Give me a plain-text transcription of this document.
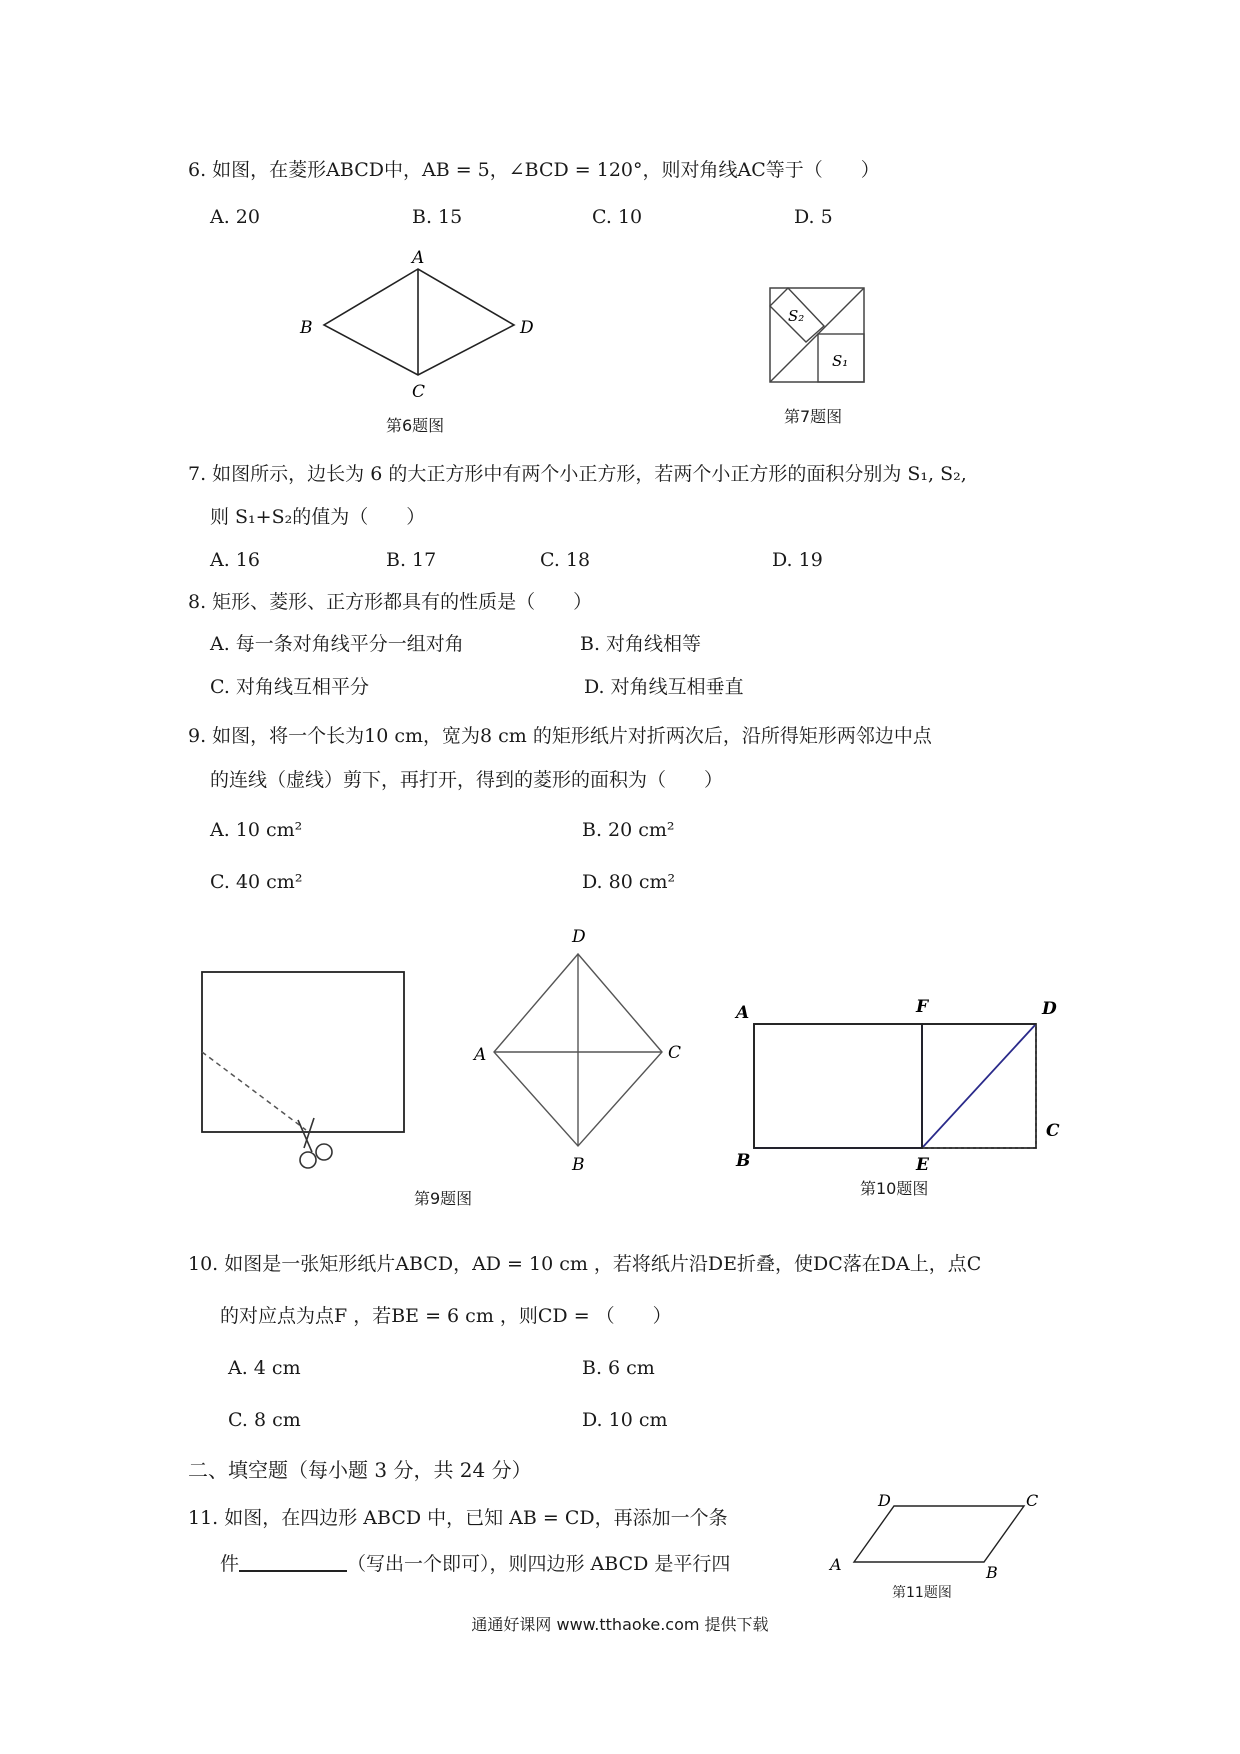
6. 如图，在菱形ABCD中，AB = 5，∠BCD = 120°，则对角线AC等于（　　）
A. 20	B. 15	C. 10	D. 5
A
B
C
D
第6题图
S₂
S₁
第7题图
7. 如图所示，边长为 6 的大正方形中有两个小正方形，若两个小正方形的面积分别为 S₁, S₂,
则 S₁+S₂的值为（　　）
A. 16	B. 17	C. 18	D. 19
8. 矩形、菱形、正方形都具有的性质是（　　）
A. 每一条对角线平分一组对角	B. 对角线相等
C. 对角线互相平分	D. 对角线互相垂直
9. 如图，将一个长为10 cm，宽为8 cm 的矩形纸片对折两次后，沿所得矩形两邻边中点
的连线（虚线）剪下，再打开，得到的菱形的面积为（　　）
A. 10 cm²	B. 20 cm²
C. 40 cm²	D. 80 cm²
D
A	C
B
第9题图
A	F	D
B	E
C
第10题图
10. 如图是一张矩形纸片ABCD，AD = 10 cm ，若将纸片沿DE折叠，使DC落在DA上，点C
的对应点为点F ，若BE = 6 cm ，则CD = （　　）
A. 4 cm	B. 6 cm
C. 8 cm	D. 10 cm
二、填空题（每小题 3 分，共 24 分）
11. 如图，在四边形 ABCD 中，已知 AB = CD，再添加一个条
件	（写出一个即可），则四边形 ABCD 是平行四
D	C
A	B
第11题图
通通好课网 www.tthaoke.com 提供下载
